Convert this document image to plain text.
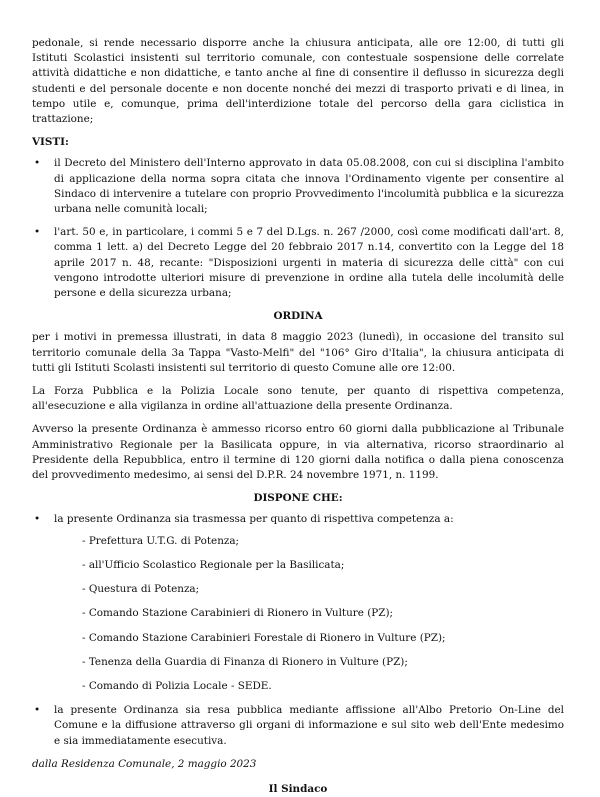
pedonale, si rende necessario disporre anche la chiusura anticipata, alle ore 12:00, di tutti gli Istituti Scolastici insistenti sul territorio comunale, con contestuale sospensione delle correlate attività didattiche e non didattiche, e tanto anche al fine di consentire il deflusso in sicurezza degli studenti e del personale docente e non docente nonché dei mezzi di trasporto privati e di linea, in tempo utile e, comunque, prima dell'interdizione totale del percorso della gara ciclistica in trattazione;

VISTI:

• il Decreto del Ministero dell'Interno approvato in data 05.08.2008, con cui si disciplina l'ambito di applicazione della norma sopra citata che innova l'Ordinamento vigente per consentire al Sindaco di intervenire a tutelare con proprio Provvedimento l'incolumità pubblica e la sicurezza urbana nelle comunità locali;
• l'art. 50 e, in particolare, i commi 5 e 7 del D.Lgs. n. 267 /2000, così come modificati dall'art. 8, comma 1 lett. a) del Decreto Legge del 20 febbraio 2017 n.14, convertito con la Legge del 18 aprile 2017 n. 48, recante: "Disposizioni urgenti in materia di sicurezza delle città" con cui vengono introdotte ulteriori misure di prevenzione in ordine alla tutela delle incolumità delle persone e della sicurezza urbana;

ORDINA

per i motivi in premessa illustrati, in data 8 maggio 2023 (lunedì), in occasione del transito sul territorio comunale della 3a Tappa "Vasto-Melfi" del "106° Giro d'Italia", la chiusura anticipata di tutti gli Istituti Scolasti insistenti sul territorio di questo Comune alle ore 12:00.

La Forza Pubblica e la Polizia Locale sono tenute, per quanto di rispettiva competenza, all'esecuzione e alla vigilanza in ordine all'attuazione della presente Ordinanza.

Avverso la presente Ordinanza è ammesso ricorso entro 60 giorni dalla pubblicazione al Tribunale Amministrativo Regionale per la Basilicata oppure, in via alternativa, ricorso straordinario al Presidente della Repubblica, entro il termine di 120 giorni dalla notifica o dalla piena conoscenza del provvedimento medesimo, ai sensi del D.P.R. 24 novembre 1971, n. 1199.

DISPONE CHE:

• la presente Ordinanza sia trasmessa per quanto di rispettiva competenza a:
- Prefettura U.T.G. di Potenza;
- all'Ufficio Scolastico Regionale per la Basilicata;
- Questura di Potenza;
- Comando Stazione Carabinieri di Rionero in Vulture (PZ);
- Comando Stazione Carabinieri Forestale di Rionero in Vulture (PZ);
- Tenenza della Guardia di Finanza di Rionero in Vulture (PZ);
- Comando di Polizia Locale - SEDE.
• la presente Ordinanza sia resa pubblica mediante affissione all'Albo Pretorio On-Line del Comune e la diffusione attraverso gli organi di informazione e sul sito web dell'Ente medesimo e sia immediatamente esecutiva.

dalla Residenza Comunale, 2 maggio 2023

Il Sindaco
